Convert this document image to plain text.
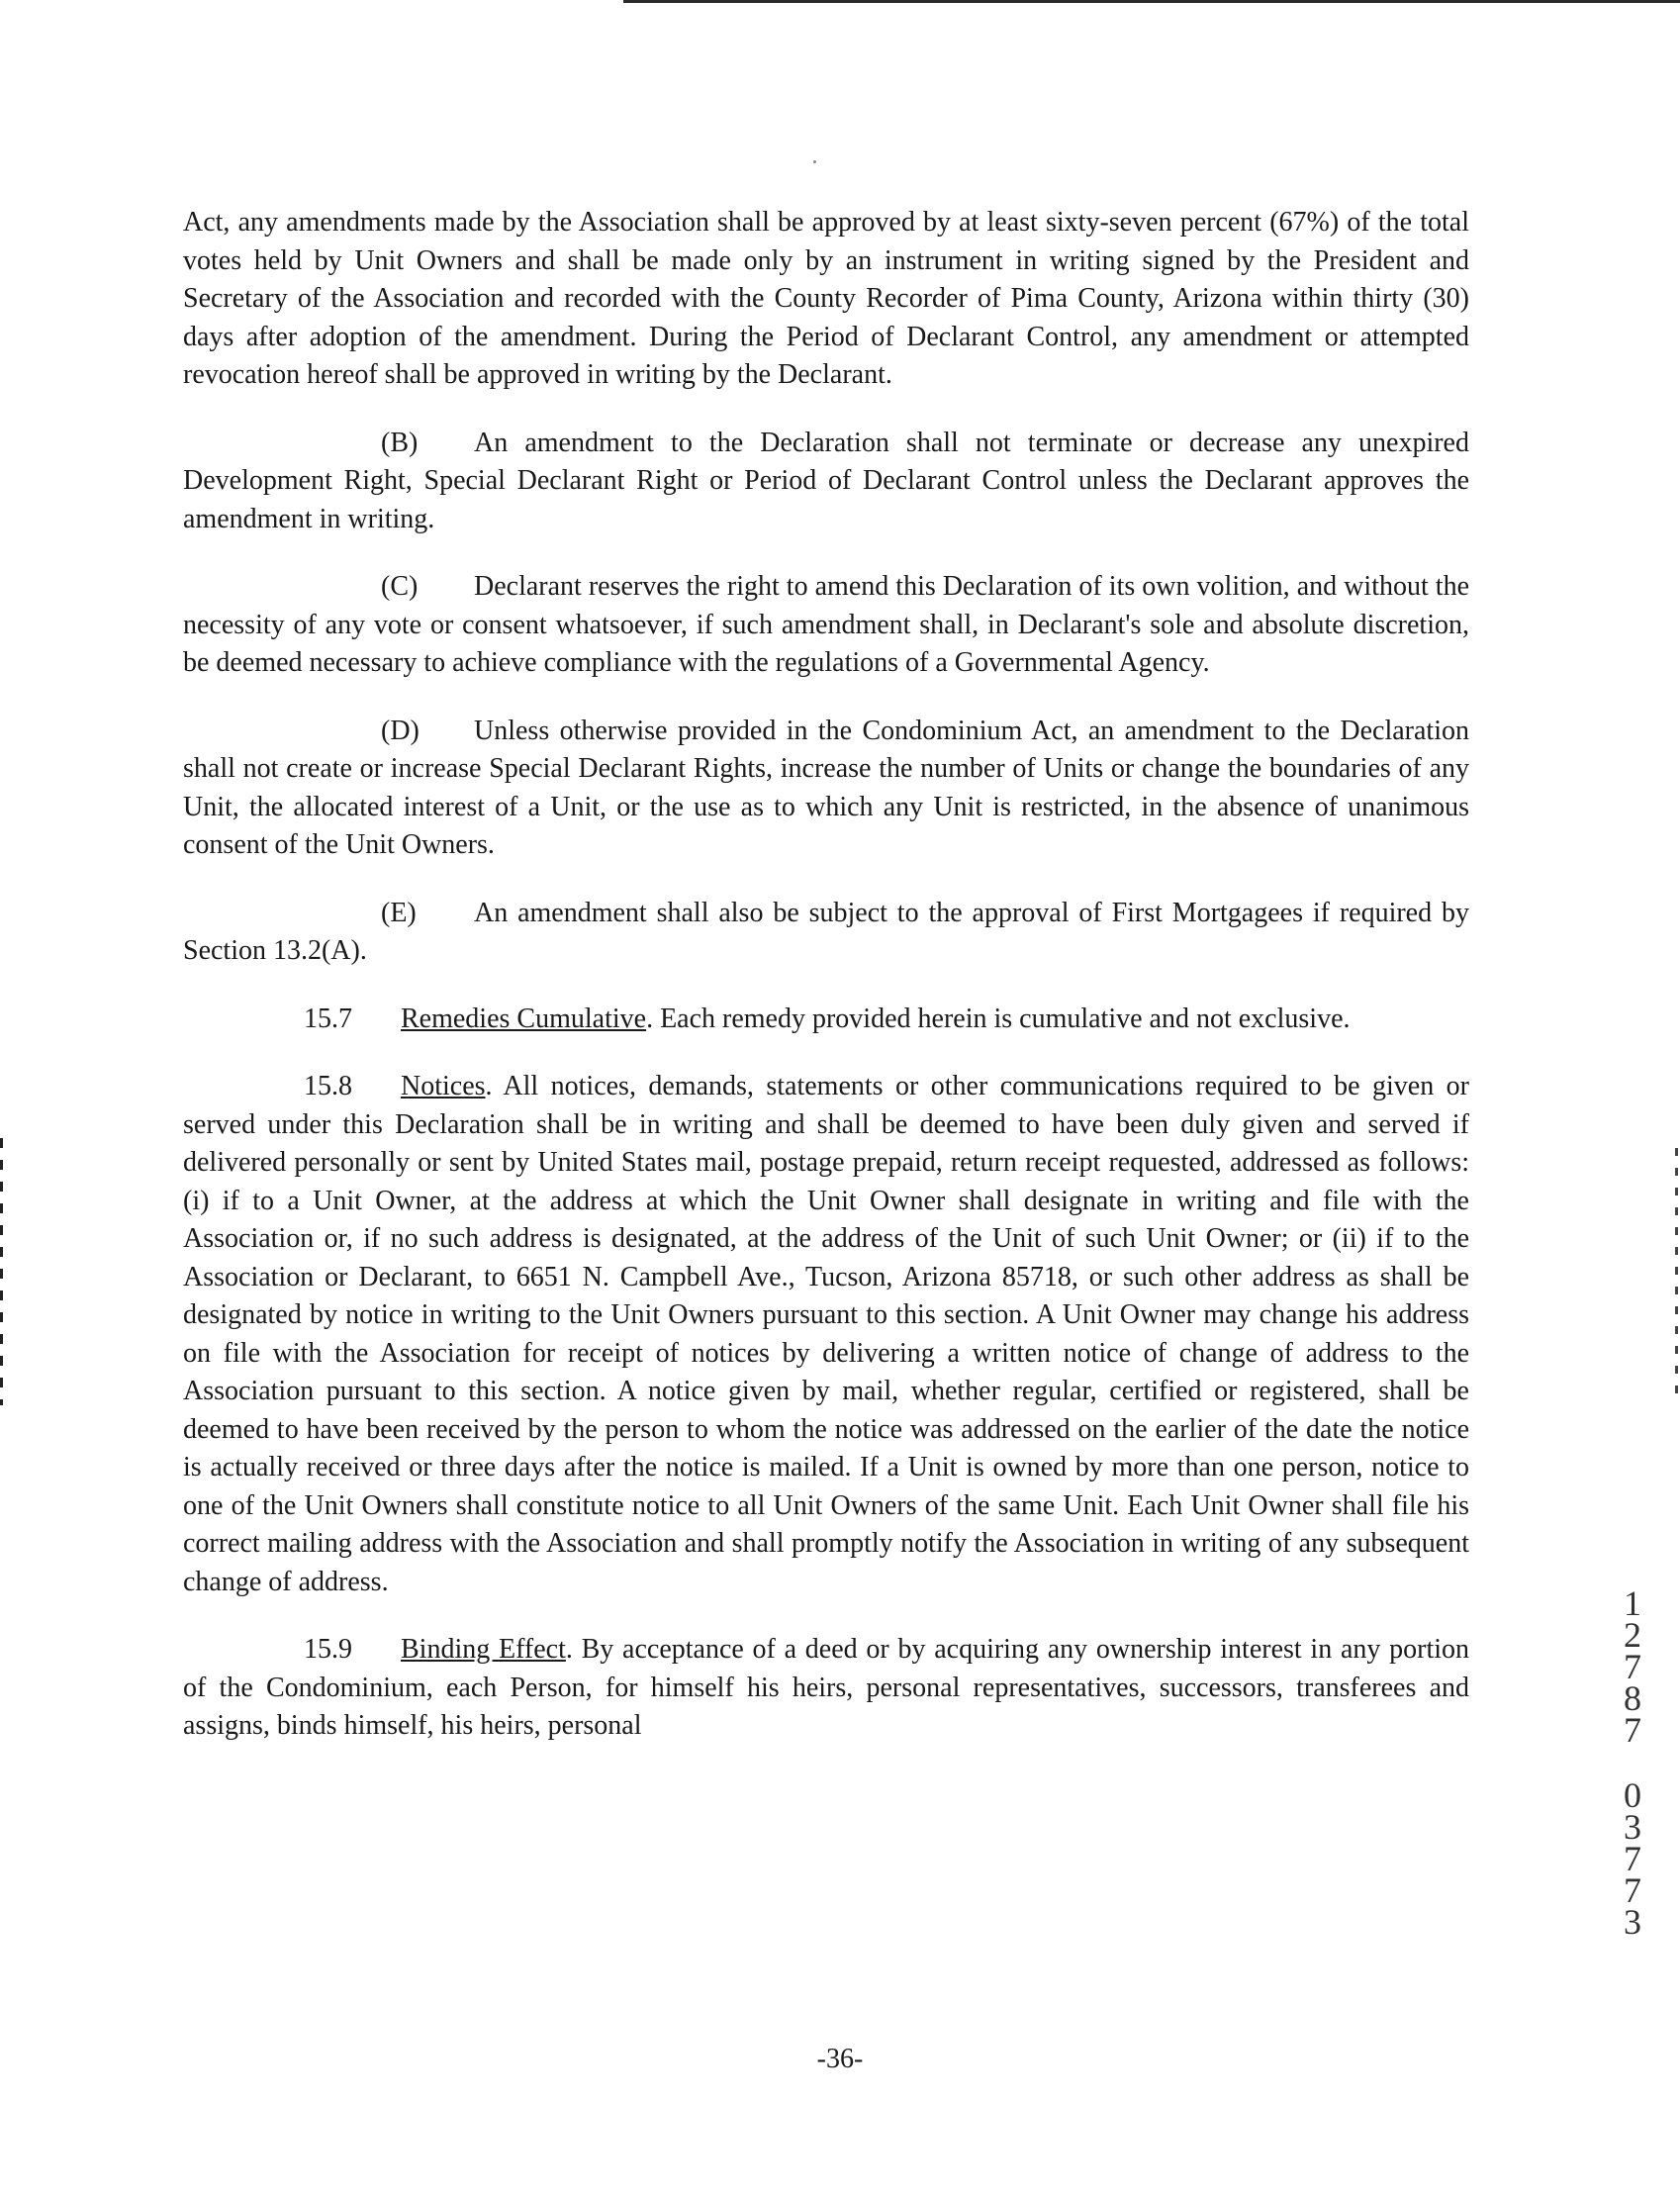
Act, any amendments made by the Association shall be approved by at least sixty-seven percent (67%) of the total votes held by Unit Owners and shall be made only by an instrument in writing signed by the President and Secretary of the Association and recorded with the County Recorder of Pima County, Arizona within thirty (30) days after adoption of the amendment. During the Period of Declarant Control, any amendment or attempted revocation hereof shall be approved in writing by the Declarant.

(B) An amendment to the Declaration shall not terminate or decrease any unexpired Development Right, Special Declarant Right or Period of Declarant Control unless the Declarant approves the amendment in writing.

(C) Declarant reserves the right to amend this Declaration of its own volition, and without the necessity of any vote or consent whatsoever, if such amendment shall, in Declarant's sole and absolute discretion, be deemed necessary to achieve compliance with the regulations of a Governmental Agency.

(D) Unless otherwise provided in the Condominium Act, an amendment to the Declaration shall not create or increase Special Declarant Rights, increase the number of Units or change the boundaries of any Unit, the allocated interest of a Unit, or the use as to which any Unit is restricted, in the absence of unanimous consent of the Unit Owners.

(E) An amendment shall also be subject to the approval of First Mortgagees if required by Section 13.2(A).

15.7 Remedies Cumulative. Each remedy provided herein is cumulative and not exclusive.

15.8 Notices. All notices, demands, statements or other communications required to be given or served under this Declaration shall be in writing and shall be deemed to have been duly given and served if delivered personally or sent by United States mail, postage prepaid, return receipt requested, addressed as follows: (i) if to a Unit Owner, at the address at which the Unit Owner shall designate in writing and file with the Association or, if no such address is designated, at the address of the Unit of such Unit Owner; or (ii) if to the Association or Declarant, to 6651 N. Campbell Ave., Tucson, Arizona 85718, or such other address as shall be designated by notice in writing to the Unit Owners pursuant to this section. A Unit Owner may change his address on file with the Association for receipt of notices by delivering a written notice of change of address to the Association pursuant to this section. A notice given by mail, whether regular, certified or registered, shall be deemed to have been received by the person to whom the notice was addressed on the earlier of the date the notice is actually received or three days after the notice is mailed. If a Unit is owned by more than one person, notice to one of the Unit Owners shall constitute notice to all Unit Owners of the same Unit. Each Unit Owner shall file his correct mailing address with the Association and shall promptly notify the Association in writing of any subsequent change of address.

15.9 Binding Effect. By acceptance of a deed or by acquiring any ownership interest in any portion of the Condominium, each Person, for himself his heirs, personal representatives, successors, transferees and assigns, binds himself, his heirs, personal

1
2
7
8
7
0
3
7
7
3
-36-
